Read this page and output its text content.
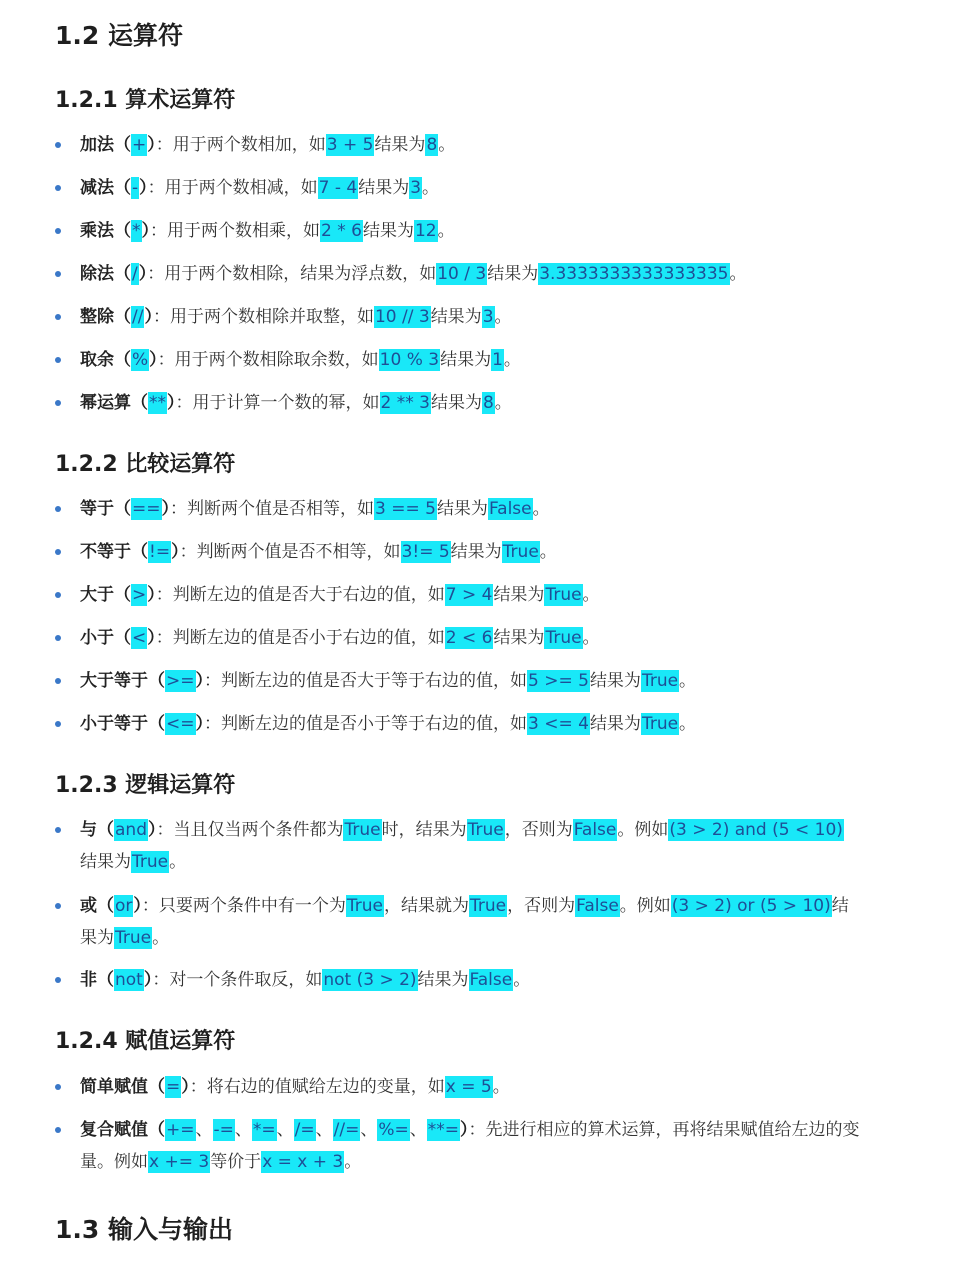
1.2 运算符
1.2.1 算术运算符
加法（+）：用于两个数相加，如3 + 5结果为8。
减法（-）：用于两个数相减，如7 - 4结果为3。
乘法（*）：用于两个数相乘，如2 * 6结果为12。
除法（/）：用于两个数相除，结果为浮点数，如10 / 3结果为3.3333333333333335。
整除（//）：用于两个数相除并取整，如10 // 3结果为3。
取余（%）：用于两个数相除取余数，如10 % 3结果为1。
幂运算（**）：用于计算一个数的幂，如2 ** 3结果为8。
1.2.2 比较运算符
等于（==）：判断两个值是否相等，如3 == 5结果为False。
不等于（!=）：判断两个值是否不相等，如3!= 5结果为True。
大于（>）：判断左边的值是否大于右边的值，如7 > 4结果为True。
小于（<）：判断左边的值是否小于右边的值，如2 < 6结果为True。
大于等于（>=）：判断左边的值是否大于等于右边的值，如5 >= 5结果为True。
小于等于（<=）：判断左边的值是否小于等于右边的值，如3 <= 4结果为True。
1.2.3 逻辑运算符
与（and）：当且仅当两个条件都为True时，结果为True，否则为False。例如(3 > 2) and (5 < 10)结果为True。
或（or）：只要两个条件中有一个为True，结果就为True，否则为False。例如(3 > 2) or (5 > 10)结果为True。
非（not）：对一个条件取反，如not (3 > 2)结果为False。
1.2.4 赋值运算符
简单赋值（=）：将右边的值赋给左边的变量，如x = 5。
复合赋值（+=、-=、*=、/=、//=、%=、**=）：先进行相应的算术运算，再将结果赋值给左边的变量。例如x += 3等价于x = x + 3。
1.3 输入与输出
